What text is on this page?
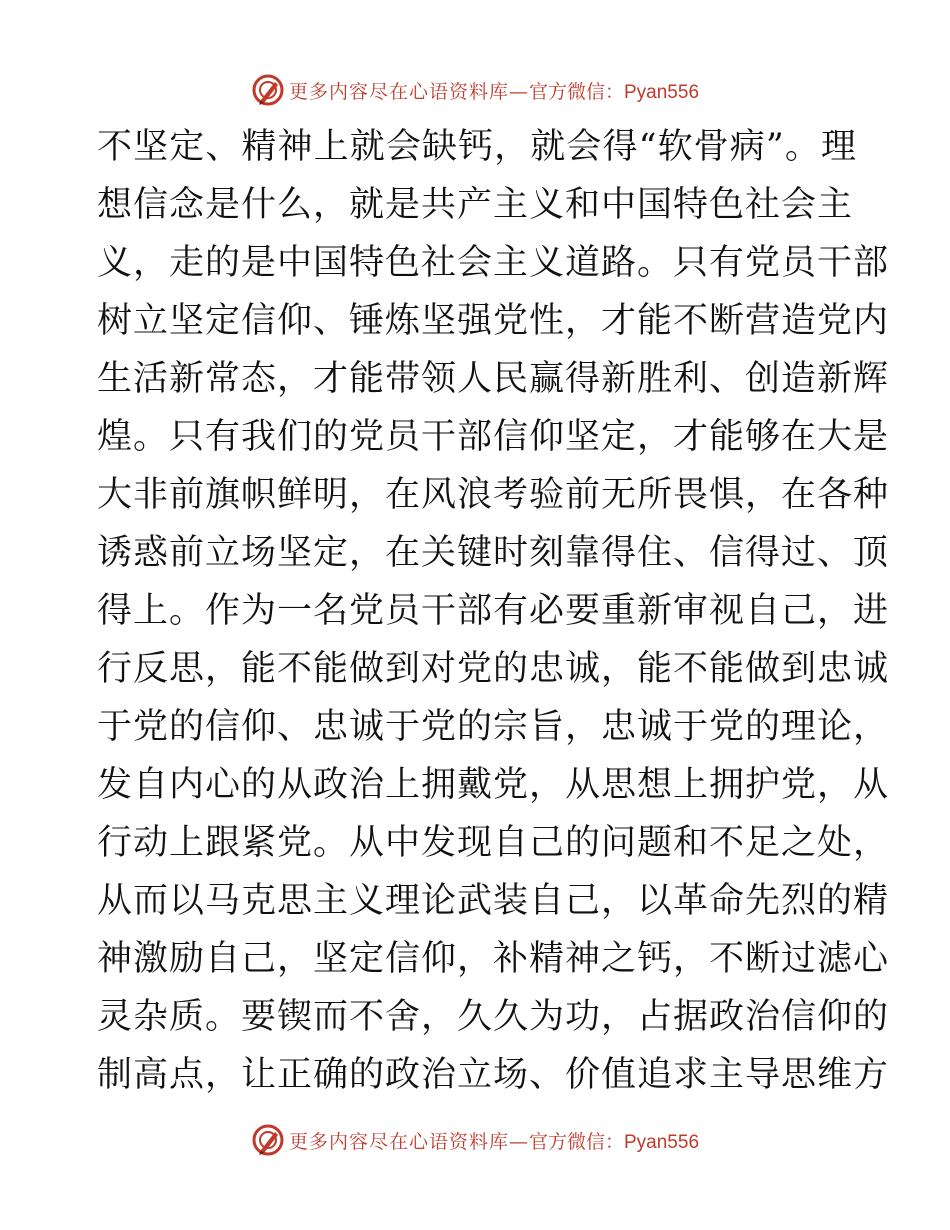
更多内容尽在心语资料库— 官方微信：Pyan556
不坚定、精神上就会缺钙，就会得“软骨病”。理
想信念是什么，就是共产主义和中国特色社会主
义，走的是中国特色社会主义道路。只有党员干部
树立坚定信仰、锤炼坚强党性，才能不断营造党内
生活新常态，才能带领人民赢得新胜利、创造新辉
煌。只有我们的党员干部信仰坚定，才能够在大是
大非前旗帜鲜明，在风浪考验前无所畏惧，在各种
诱惑前立场坚定，在关键时刻靠得住、信得过、顶
得上。作为一名党员干部有必要重新审视自己，进
行反思，能不能做到对党的忠诚，能不能做到忠诚
于党的信仰、忠诚于党的宗旨，忠诚于党的理论，
发自内心的从政治上拥戴党，从思想上拥护党，从
行动上跟紧党。从中发现自己的问题和不足之处，
从而以马克思主义理论武装自己，以革命先烈的精
神激励自己，坚定信仰，补精神之钙，不断过滤心
灵杂质。要锲而不舍，久久为功，占据政治信仰的
制高点，让正确的政治立场、价值追求主导思维方
更多内容尽在心语资料库— 官方微信：Pyan556
